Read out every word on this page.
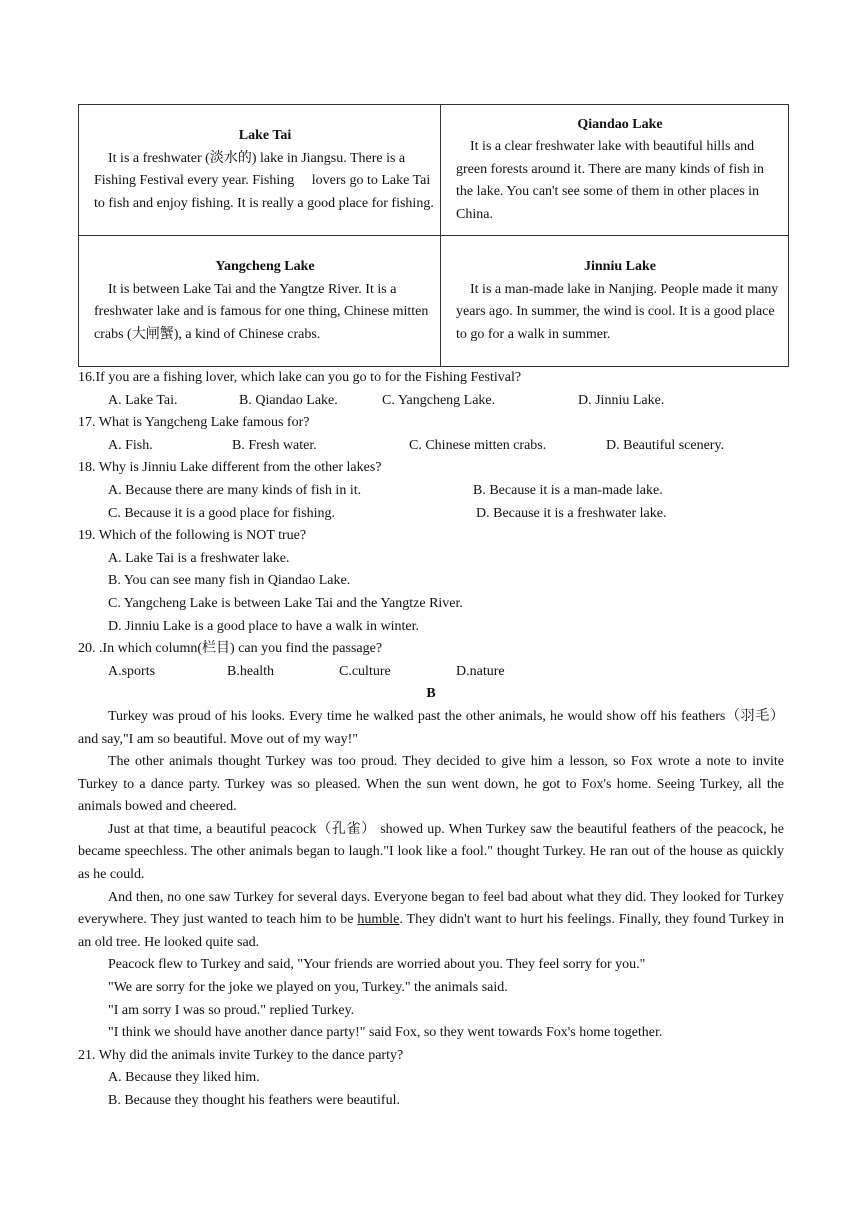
Lake Tai
It is a freshwater (淡水的) lake in Jiangsu. There is a Fishing Festival every year. Fishing     lovers go to Lake Tai to fish and enjoy fishing. It is really a good place for fishing.	Qiandao Lake
It is a clear freshwater lake with beautiful hills and green forests around it. There are many kinds of fish in the lake. You can't see some of them in other places in China.

Yangcheng Lake
It is between Lake Tai and the Yangtze River. It is a freshwater lake and is famous for one thing, Chinese mitten crabs (大闸蟹), a kind of Chinese crabs.	Jinniu Lake
It is a man-made lake in Nanjing. People made it many years ago. In summer, the wind is cool. It is a good place to go for a walk in summer.

16.If you are a fishing lover, which lake can you go to for the Fishing Festival?

A. Lake Tai.	B. Qiandao Lake.	C. Yangcheng Lake.	D. Jinniu Lake.

17. What is Yangcheng Lake famous for?

A. Fish.	B. Fresh water.	C. Chinese mitten crabs.	D. Beautiful scenery.

18. Why is Jinniu Lake different from the other lakes?

A. Because there are many kinds of fish in it.	B. Because it is a man-made lake.
C. Because it is a good place for fishing.	D. Because it is a freshwater lake.

19. Which of the following is NOT true?

A. Lake Tai is a freshwater lake.

B. You can see many fish in Qiandao Lake.

C. Yangcheng Lake is between Lake Tai and the Yangtze River.

D. Jinniu Lake is a good place to have a walk in winter.

20. .In which column(栏目) can you find the passage?

A.sports	B.health	C.culture	D.nature

B

Turkey was proud of his looks. Every time he walked past the other animals, he would show off his feathers（羽毛）and say,"I am so beautiful. Move out of my way!"

The other animals thought Turkey was too proud. They decided to give him a lesson, so Fox wrote a note to invite Turkey to a dance party. Turkey was so pleased. When the sun went down, he got to Fox's home. Seeing Turkey, all the animals bowed and cheered.

Just at that time, a beautiful peacock（孔雀） showed up. When Turkey saw the beautiful feathers of the peacock, he became speechless. The other animals began to laugh."I look like a fool." thought Turkey. He ran out of the house as quickly as he could.

And then, no one saw Turkey for several days. Everyone began to feel bad about what they did. They looked for Turkey everywhere. They just wanted to teach him to be humble. They didn't want to hurt his feelings. Finally, they found Turkey in an old tree. He looked quite sad.

Peacock flew to Turkey and said, "Your friends are worried about you. They feel sorry for you."

"We are sorry for the joke we played on you, Turkey." the animals said.

"I am sorry I was so proud." replied Turkey.

"I think we should have another dance party!" said Fox, so they went towards Fox's home together.

21. Why did the animals invite Turkey to the dance party?

A. Because they liked him.

B. Because they thought his feathers were beautiful.
